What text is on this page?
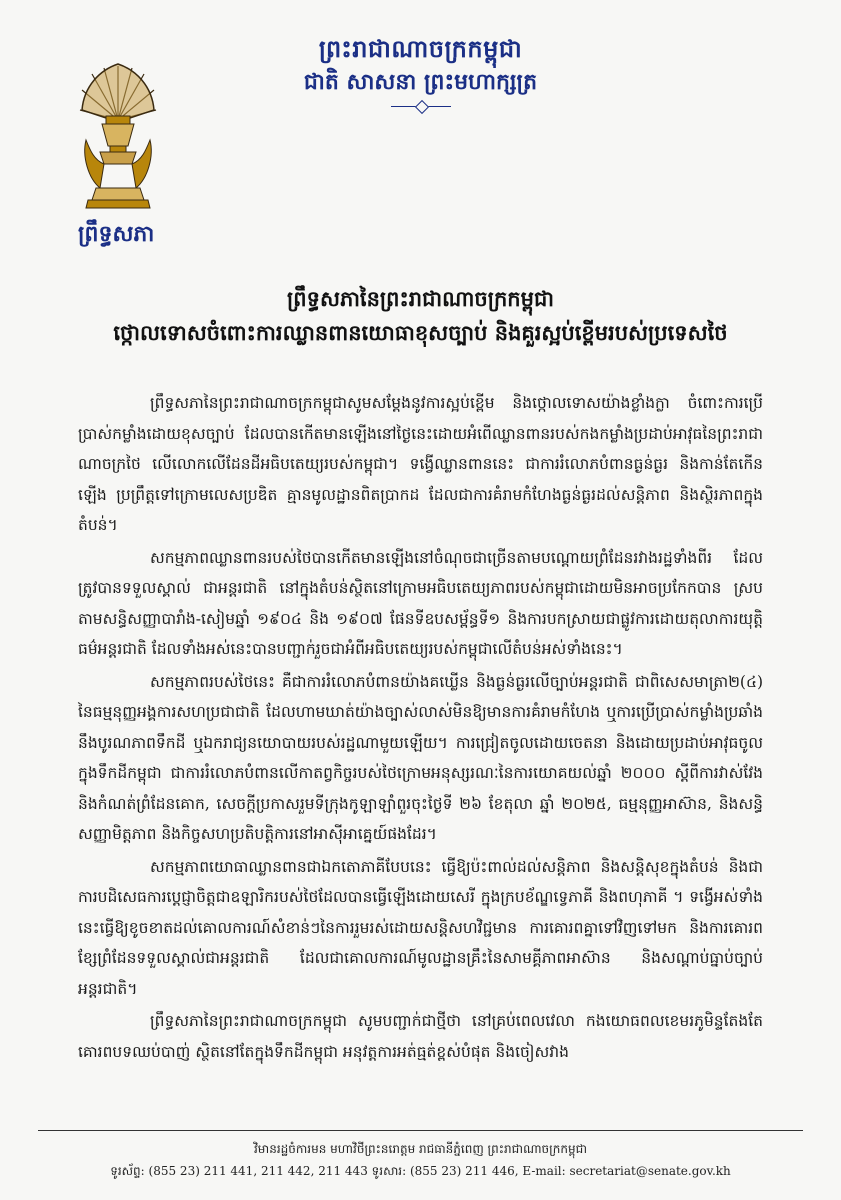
ព្រះរាជាណាចក្រកម្ពុជា
ជាតិ សាសនា ព្រះមហាក្សត្រ
ព្រឹទ្ធសភា
ព្រឹទ្ធសភានៃព្រះរាជាណាចក្រកម្ពុជា
ថ្កោលទោសចំពោះការឈ្លានពានយោធាខុសច្បាប់ និងគួរស្អប់ខ្ពើមរបស់ប្រទេសថៃ

ព្រឹទ្ធសភានៃព្រះរាជាណាចក្រកម្ពុជាសូមសម្ដែងនូវការស្អប់ខ្ពើម និងថ្កោលទោសយ៉ាងខ្លាំងក្លា ចំពោះការប្រើប្រាស់កម្លាំងដោយខុសច្បាប់ ដែលបានកើតមានឡើងនៅថ្ងៃនេះដោយអំពើឈ្លានពានរបស់កងកម្លាំងប្រដាប់អាវុធនៃព្រះរាជាណាចក្រថៃ លើលោកលើដែនដីអធិបតេយ្យរបស់កម្ពុជា។ ទង្វើឈ្លានពាននេះ ជាការរំលោភបំពានធ្ងន់ធ្ងរ និងកាន់តែកើនឡើង ប្រព្រឹត្តទៅក្រោមលេសប្រឌិត គ្មានមូលដ្ឋានពិតប្រាកដ ដែលជាការគំរាមកំហែងធ្ងន់ធ្ងរដល់សន្តិភាព និងស្ថិរភាពក្នុងតំបន់។

សកម្មភាពឈ្លានពានរបស់ថៃបានកើតមានឡើងនៅចំណុចជាច្រើនតាមបណ្ដោយព្រំដែនរវាងរដ្ឋទាំងពីរ ដែលត្រូវបានទទួលស្គាល់ ជាអន្តរជាតិ នៅក្នុងតំបន់ស្ថិតនៅក្រោមអធិបតេយ្យភាពរបស់កម្ពុជាដោយមិនអាចប្រកែកបាន ស្របតាមសន្ធិសញ្ញាបារាំង-សៀមឆ្នាំ ១៩០៤ និង ១៩០៧ ផែនទីឧបសម្ព័ន្ធទី១ និងការបកស្រាយជាផ្លូវការដោយតុលាការយុត្តិធម៌អន្តរជាតិ ដែលទាំងអស់នេះបានបញ្ជាក់រួចជាអំពីអធិបតេយ្យរបស់កម្ពុជាលើតំបន់អស់ទាំងនេះ។

សកម្មភាពរបស់ថៃនេះ គឺជាការរំលោភបំពានយ៉ាងគឃ្លើន និងធ្ងន់ធ្ងរលើច្បាប់អន្តរជាតិ ជាពិសេសមាត្រា២(៤) នៃធម្មនុញ្ញអង្គការសហប្រជាជាតិ ដែលហាមឃាត់យ៉ាងច្បាស់លាស់មិនឱ្យមានការគំរាមកំហែង ឬការប្រើប្រាស់កម្លាំងប្រឆាំងនឹងបូរណភាពទឹកដី ឬឯករាជ្យនយោបាយរបស់រដ្ឋណាមួយឡើយ។ ការជ្រៀតចូលដោយចេតនា និងដោយប្រដាប់អាវុធចូលក្នុងទឹកដីកម្ពុជា ជាការរំលោភបំពានលើកាតព្វកិច្ចរបស់ថៃក្រោមអនុស្សរណៈនៃការយោគយល់ឆ្នាំ ២០០០ ស្ដីពីការវាស់វែង និងកំណត់ព្រំដែនគោក, សេចក្ដីប្រកាសរួមទីក្រុងកូឡាឡាំពួរចុះថ្ងៃទី ២៦ ខែតុលា ឆ្នាំ ២០២៥, ធម្មនុញ្ញអាស៊ាន, និងសន្ធិសញ្ញាមិត្តភាព និងកិច្ចសហប្រតិបត្តិការនៅអាស៊ីអាគ្នេយ៍ផងដែរ។

សកម្មភាពយោធាឈ្លានពានជាឯកតោភាគីបែបនេះ ធ្វើឱ្យប៉ះពាល់ដល់សន្តិភាព និងសន្តិសុខក្នុងតំបន់ និងជាការបដិសេធការប្ដេជ្ញាចិត្តជាឧឡារិករបស់ថៃដែលបានធ្វើឡើងដោយសេរី ក្នុងក្របខ័ណ្ឌទ្វេភាគី និងពហុភាគី ។ ទង្វើអស់ទាំងនេះធ្វើឱ្យខូចខាតដល់គោលការណ៍សំខាន់ៗនៃការរួមរស់ដោយសន្តិសហវិជ្ជមាន ការគោរពគ្នាទៅវិញទៅមក និងការគោរពខ្សែព្រំដែនទទួលស្គាល់ជាអន្តរជាតិ ដែលជាគោលការណ៍មូលដ្ឋានគ្រឹះនៃសាមគ្គីភាពអាស៊ាន និងសណ្ដាប់ធ្នាប់ច្បាប់អន្តរជាតិ។

ព្រឹទ្ធសភានៃព្រះរាជាណាចក្រកម្ពុជា សូមបញ្ជាក់ជាថ្មីថា នៅគ្រប់ពេលវេលា កងយោធពលខេមរភូមិន្ទតែងតែគោរពបទឈប់បាញ់ ស្ថិតនៅតែក្នុងទឹកដីកម្ពុជា អនុវត្តការអត់ធ្មត់ខ្ពស់បំផុត និងចៀសវាង

វិមានរដ្ឋចំការមន មហាវិថីព្រះនរោត្តម រាជធានីភ្នំពេញ ព្រះរាជាណាចក្រកម្ពុជា
ទូរស័ព្ទ: (855 23) 211 441, 211 442, 211 443 ទូរសារ: (855 23) 211 446, E-mail: secretariat@senate.gov.kh
